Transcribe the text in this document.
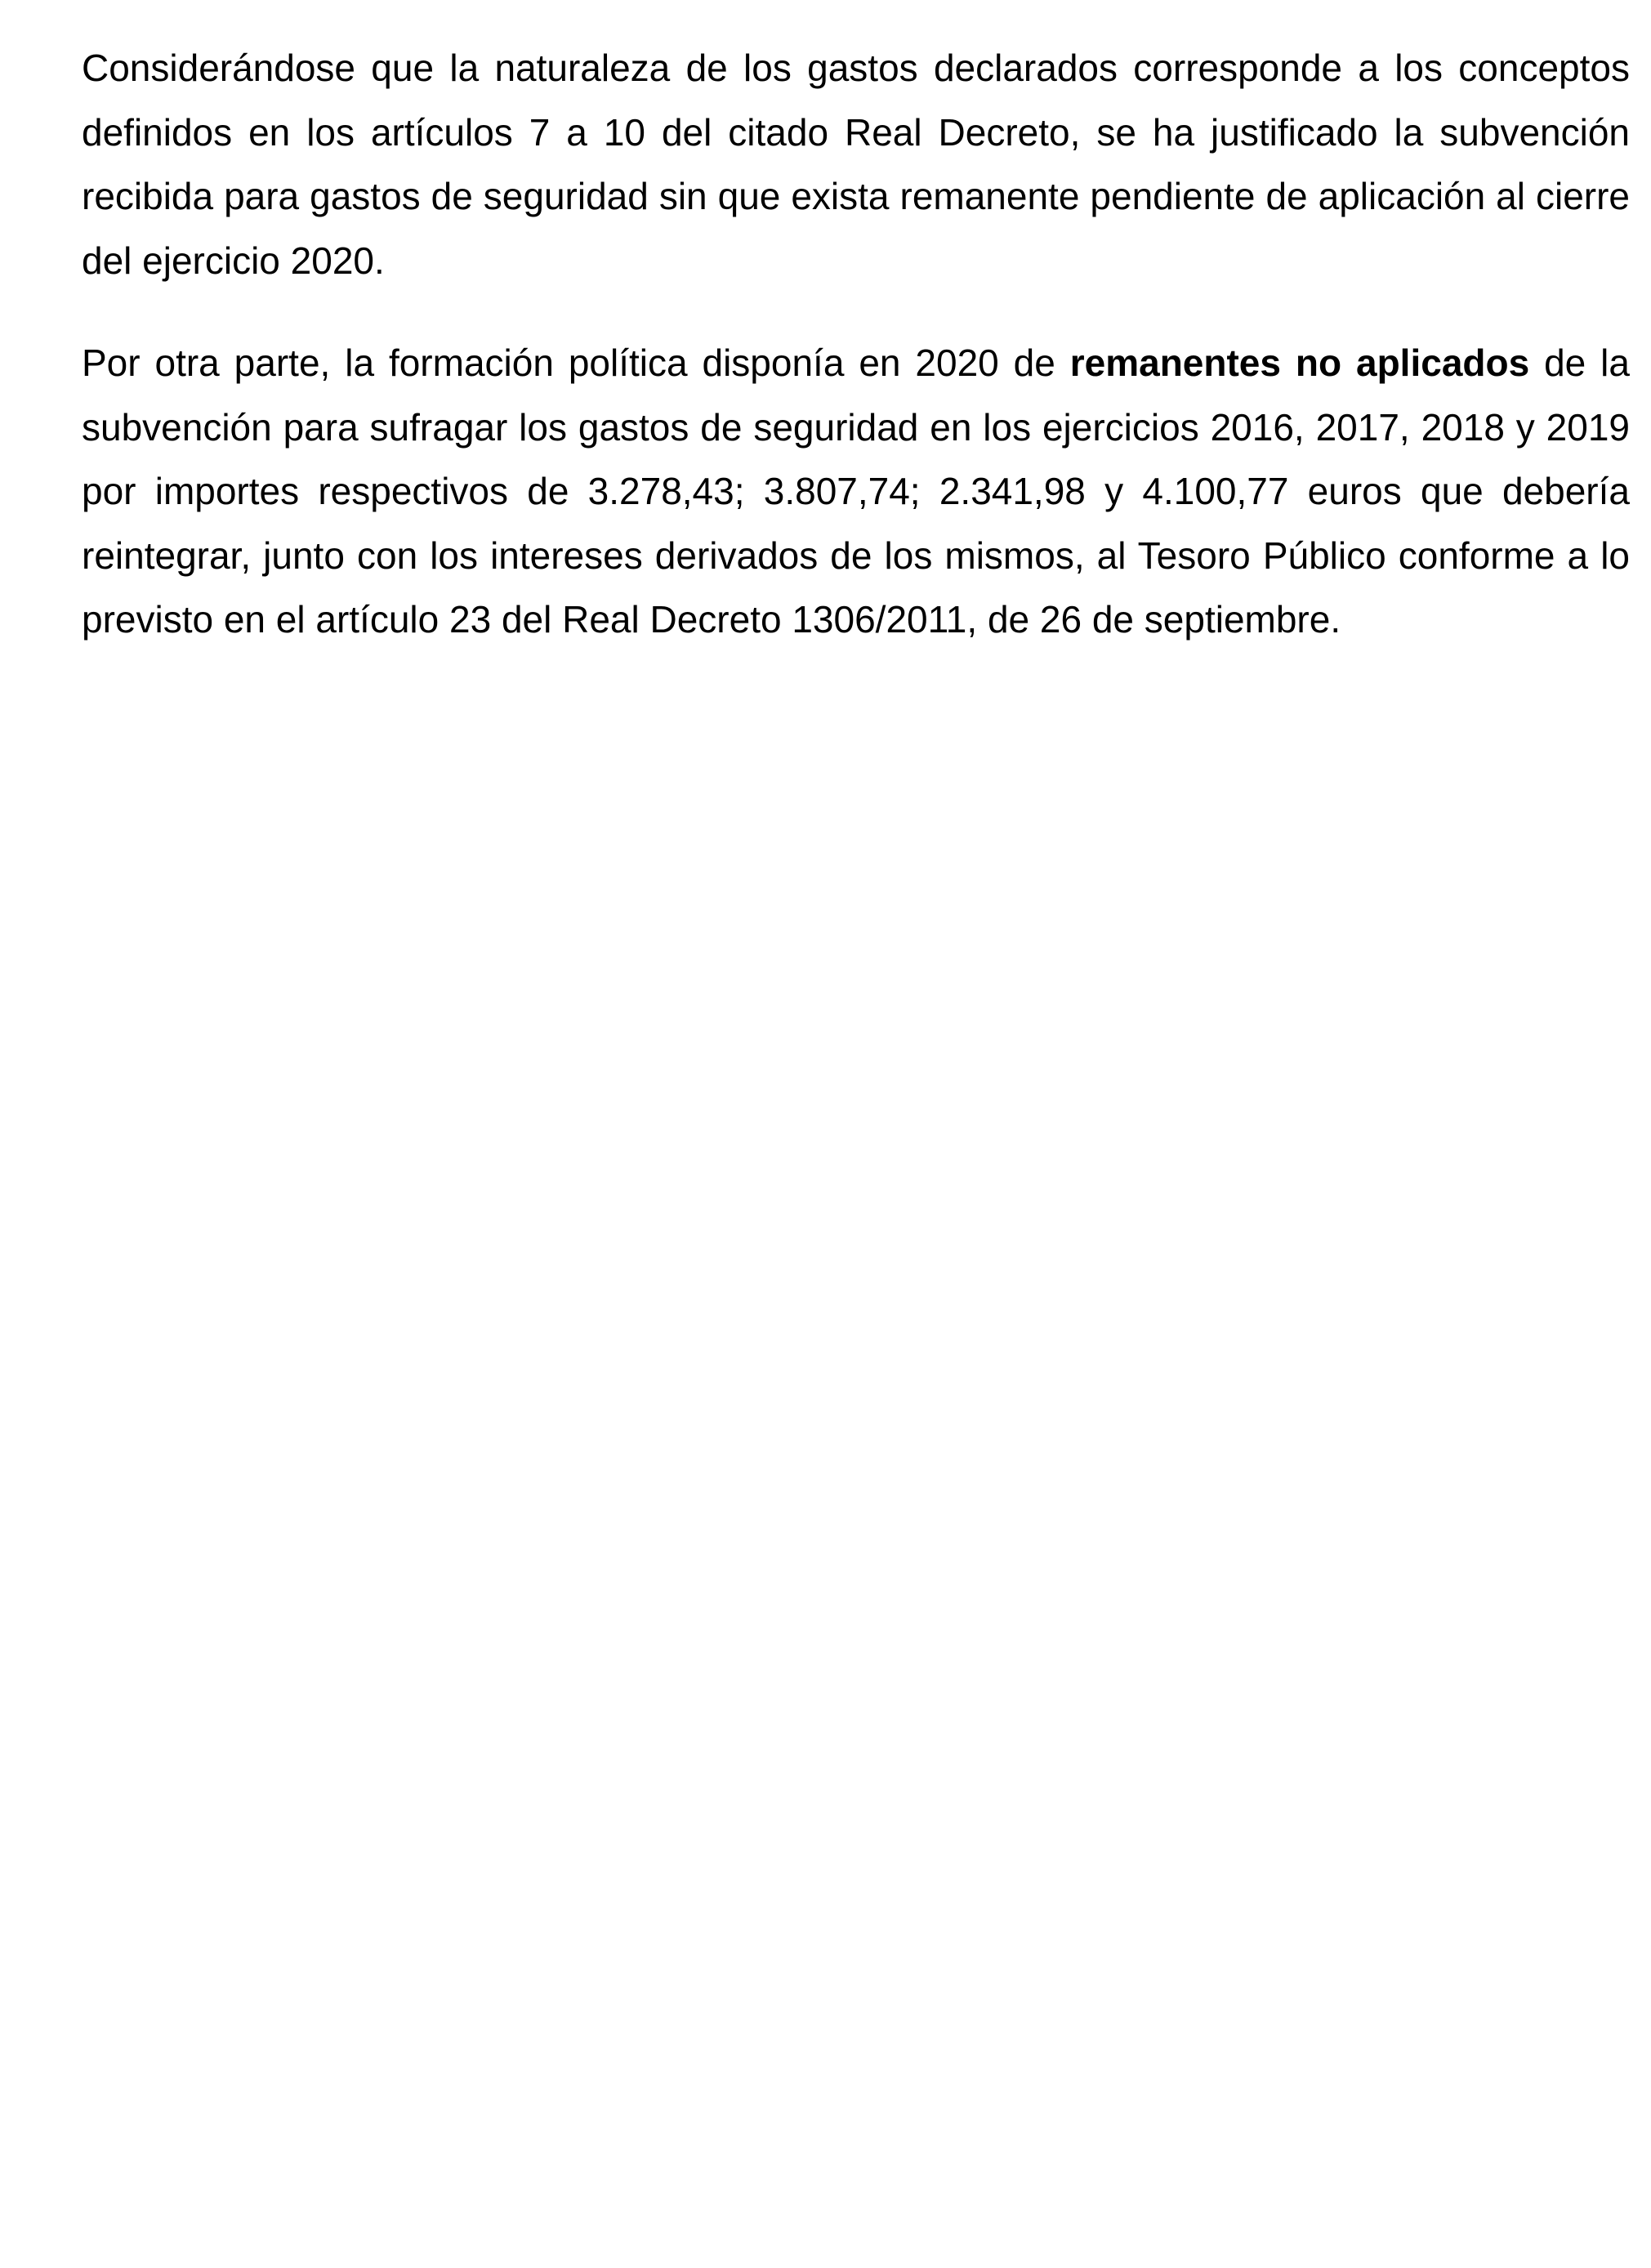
Considerándose que la naturaleza de los gastos declarados corresponde a los conceptos
definidos en los artículos 7 a 10 del citado Real Decreto, se ha justificado la subvención
recibida para gastos de seguridad sin que exista remanente pendiente de aplicación al cierre
del ejercicio 2020.
Por otra parte, la formación política disponía en 2020 de remanentes no aplicados de la
subvención para sufragar los gastos de seguridad en los ejercicios 2016, 2017, 2018 y 2019
por importes respectivos de 3.278,43; 3.807,74; 2.341,98 y 4.100,77 euros que debería
reintegrar, junto con los intereses derivados de los mismos, al Tesoro Público conforme a lo
previsto en el artículo 23 del Real Decreto 1306/2011, de 26 de septiembre.
